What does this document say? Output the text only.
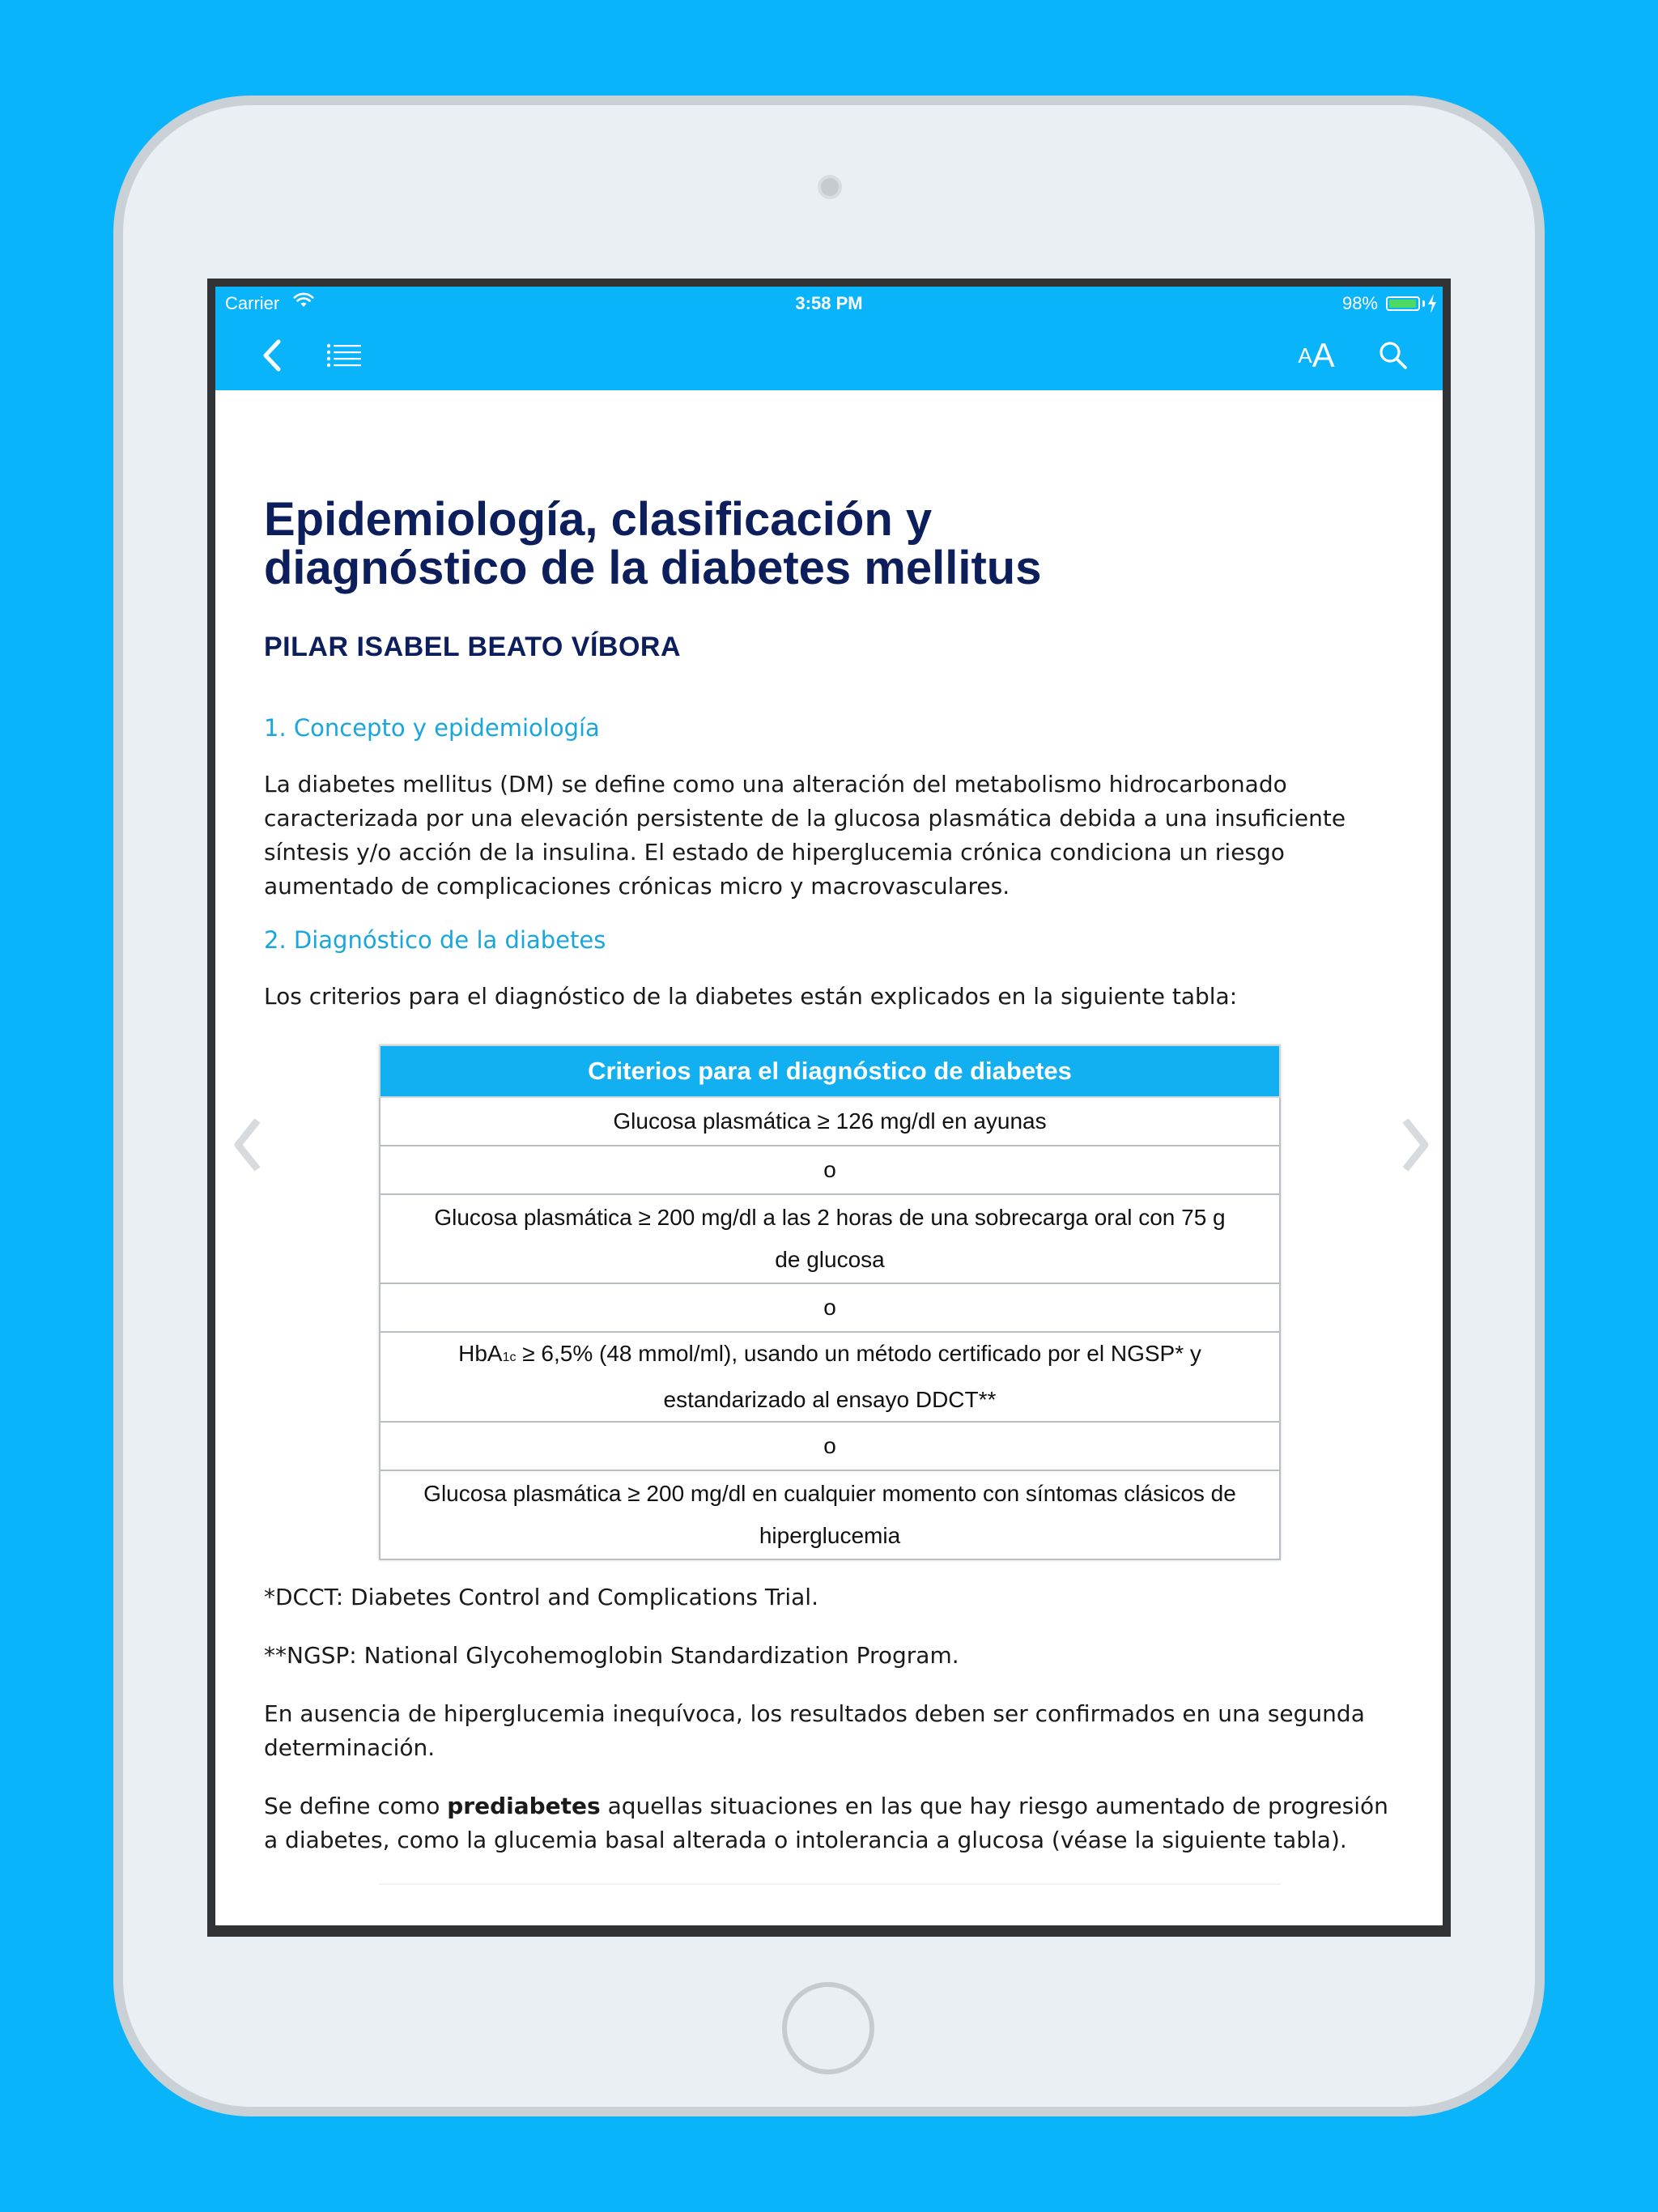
Carrier	3:58 PM	98%
A A
Epidemiología, clasificación y
diagnóstico de la diabetes mellitus

PILAR ISABEL BEATO VÍBORA

1. Concepto y epidemiología

La diabetes mellitus (DM) se define como una alteración del metabolismo hidrocarbonado caracterizada por una elevación persistente de la glucosa plasmática debida a una insuficiente síntesis y/o acción de la insulina. El estado de hiperglucemia crónica condiciona un riesgo aumentado de complicaciones crónicas micro y macrovasculares.

2. Diagnóstico de la diabetes

Los criterios para el diagnóstico de la diabetes están explicados en la siguiente tabla:

Criterios para el diagnóstico de diabetes
Glucosa plasmática ≥ 126 mg/dl en ayunas
o
Glucosa plasmática ≥ 200 mg/dl a las 2 horas de una sobrecarga oral con 75 g de glucosa
o
HbA1c ≥ 6,5% (48 mmol/ml), usando un método certificado por el NGSP* y estandarizado al ensayo DDCT**
o
Glucosa plasmática ≥ 200 mg/dl en cualquier momento con síntomas clásicos de hiperglucemia

*DCCT: Diabetes Control and Complications Trial.

**NGSP: National Glycohemoglobin Standardization Program.

En ausencia de hiperglucemia inequívoca, los resultados deben ser confirmados en una segunda determinación.

Se define como prediabetes aquellas situaciones en las que hay riesgo aumentado de progresión a diabetes, como la glucemia basal alterada o intolerancia a glucosa (véase la siguiente tabla).
